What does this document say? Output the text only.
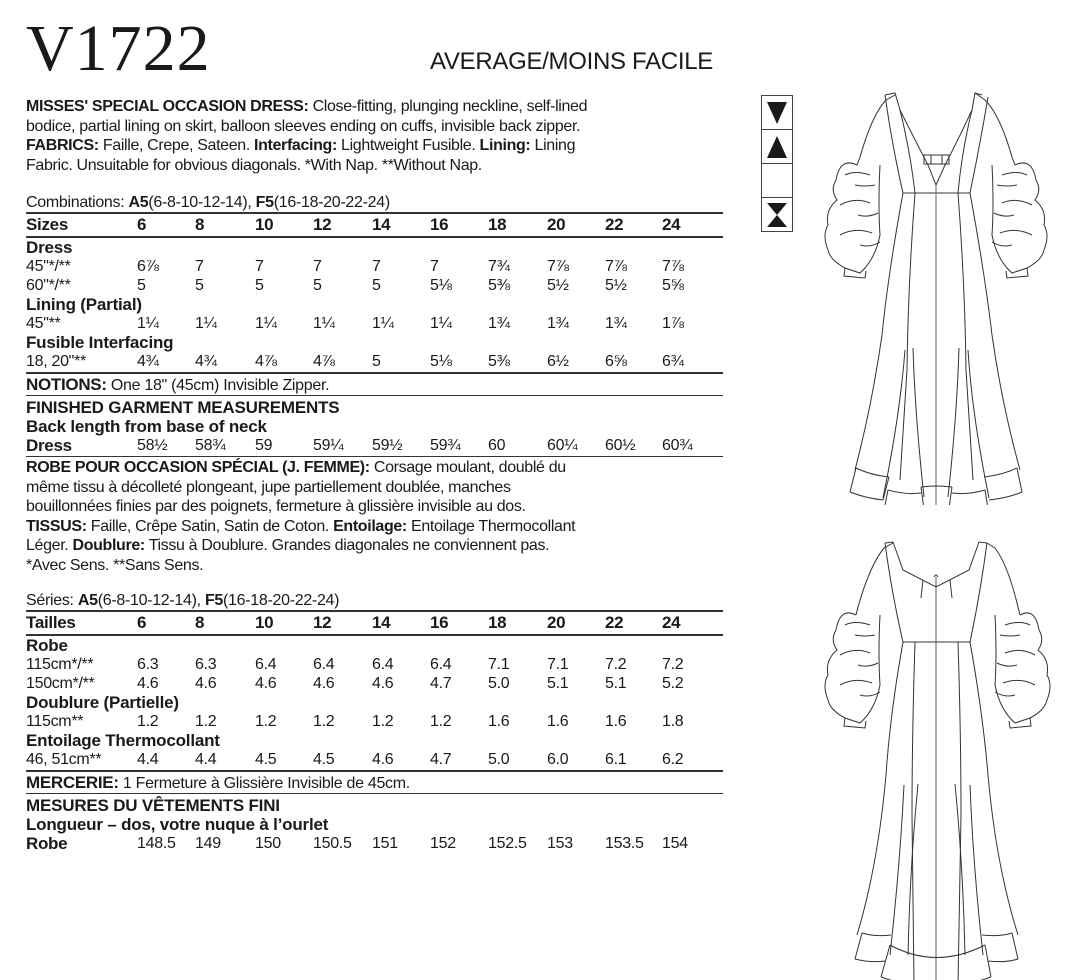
V1722	AVERAGE/MOINS FACILE
MISSES' SPECIAL OCCASION DRESS: Close-fitting, plunging neckline, self-lined
bodice, partial lining on skirt, balloon sleeves ending on cuffs, invisible back zipper.
FABRICS: Faille, Crepe, Sateen. Interfacing: Lightweight Fusible. Lining: Lining
Fabric. Unsuitable for obvious diagonals. *With Nap. **Without Nap.
Combinations: A5(6-8-10-12-14), F5(16-18-20-22-24)
Sizes	6	8	10 12 14 16 18 20 22 24
Dress
45"*/**	6⅞ 7	7	7	7	7	7¾ 7⅞ 7⅞ 7⅞
60"*/**	5	5	5	5	5	5⅛ 5⅜ 5½ 5½ 5⅝
Lining (Partial)
45"**	1¼ 1¼ 1¼ 1¼ 1¼ 1¼ 1¾ 1¾ 1¾ 1⅞
Fusible Interfacing
18, 20"**	4¾ 4¾ 4⅞ 4⅞ 5	5⅛ 5⅜ 6½ 6⅝ 6¾
NOTIONS: One 18" (45cm) Invisible Zipper.
FINISHED GARMENT MEASUREMENTS
Back length from base of neck
Dress	58½ 58¾ 59	59¼ 59½ 59¾ 60	60¼ 60½ 60¾
ROBE POUR OCCASION SPÉCIAL (J. FEMME): Corsage moulant, doublé du
même tissu à décolleté plongeant, jupe partiellement doublée, manches
bouillonnées finies par des poignets, fermeture à glissière invisible au dos.
TISSUS: Faille, Crêpe Satin, Satin de Coton. Entoilage: Entoilage Thermocollant
Léger. Doublure: Tissu à Doublure. Grandes diagonales ne conviennent pas.
*Avec Sens. **Sans Sens.
Séries: A5(6-8-10-12-14), F5(16-18-20-22-24)
Tailles	6	8	10 12 14 16 18 20 22 24
Robe
115cm*/**	6.3 6.3 6.4 6.4 6.4 6.4 7.1 7.1 7.2 7.2
150cm*/**	4.6 4.6 4.6 4.6 4.6 4.7 5.0 5.1 5.1 5.2
Doublure (Partielle)
115cm**	1.2 1.2 1.2 1.2 1.2 1.2 1.6 1.6 1.6 1.8
Entoilage Thermocollant
46, 51cm** 4.4 4.4 4.5 4.5 4.6 4.7 5.0 6.0 6.1 6.2
MERCERIE: 1 Fermeture à Glissière Invisible de 45cm.
MESURES DU VÊTEMENTS FINI
Longueur – dos, votre nuque à l’ourlet
Robe	148.5 149 150 150.5 151 152 152.5 153 153.5 154
